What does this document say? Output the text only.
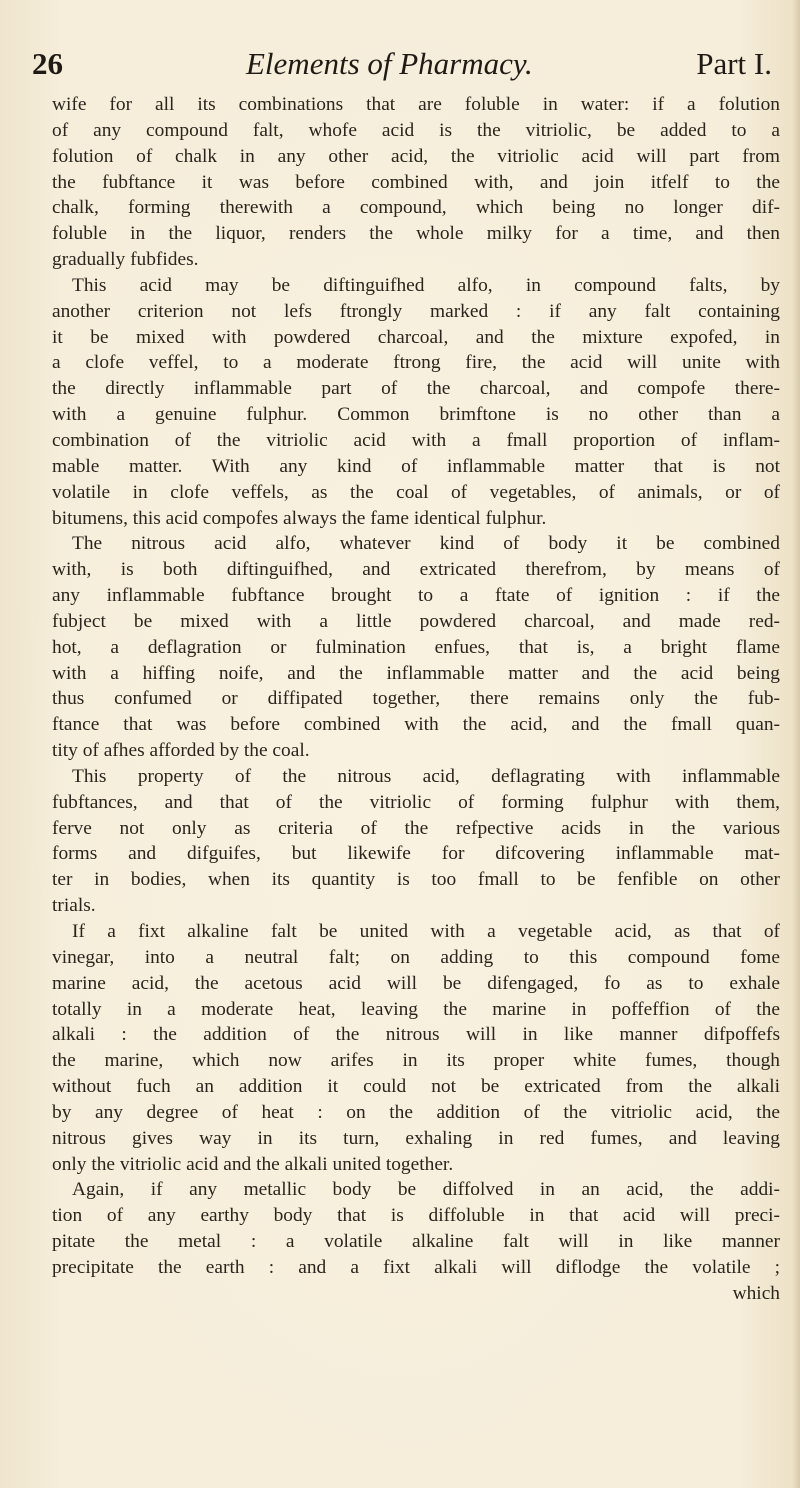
26	Elements of Pharmacy.	Part I.
wife for all its combinations that are foluble in water: if a folution
of any compound falt, whofe acid is the vitriolic, be added to a
folution of chalk in any other acid, the vitriolic acid will part from
the fubftance it was before combined with, and join itfelf to the
chalk, forming therewith a compound, which being no longer dif-
foluble in the liquor, renders the whole milky for a time, and then
gradually fubfides.
This acid may be diftinguifhed alfo, in compound falts, by
another criterion not lefs ftrongly marked : if any falt containing
it be mixed with powdered charcoal, and the mixture expofed, in
a clofe veffel, to a moderate ftrong fire, the acid will unite with
the directly inflammable part of the charcoal, and compofe there-
with a genuine fulphur. Common brimftone is no other than a
combination of the vitriolic acid with a fmall proportion of inflam-
mable matter. With any kind of inflammable matter that is not
volatile in clofe veffels, as the coal of vegetables, of animals, or of
bitumens, this acid compofes always the fame identical fulphur.
The nitrous acid alfo, whatever kind of body it be combined
with, is both diftinguifhed, and extricated therefrom, by means of
any inflammable fubftance brought to a ftate of ignition : if the
fubject be mixed with a little powdered charcoal, and made red-
hot, a deflagration or fulmination enfues, that is, a bright flame
with a hiffing noife, and the inflammable matter and the acid being
thus confumed or diffipated together, there remains only the fub-
ftance that was before combined with the acid, and the fmall quan-
tity of afhes afforded by the coal.
This property of the nitrous acid, deflagrating with inflammable
fubftances, and that of the vitriolic of forming fulphur with them,
ferve not only as criteria of the refpective acids in the various
forms and difguifes, but likewife for difcovering inflammable mat-
ter in bodies, when its quantity is too fmall to be fenfible on other
trials.
If a fixt alkaline falt be united with a vegetable acid, as that of
vinegar, into a neutral falt; on adding to this compound fome
marine acid, the acetous acid will be difengaged, fo as to exhale
totally in a moderate heat, leaving the marine in poffeffion of the
alkali : the addition of the nitrous will in like manner difpoffefs
the marine, which now arifes in its proper white fumes, though
without fuch an addition it could not be extricated from the alkali
by any degree of heat : on the addition of the vitriolic acid, the
nitrous gives way in its turn, exhaling in red fumes, and leaving
only the vitriolic acid and the alkali united together.
Again, if any metallic body be diffolved in an acid, the addi-
tion of any earthy body that is diffoluble in that acid will preci-
pitate the metal : a volatile alkaline falt will in like manner
precipitate the earth : and a fixt alkali will diflodge the volatile ;
which
